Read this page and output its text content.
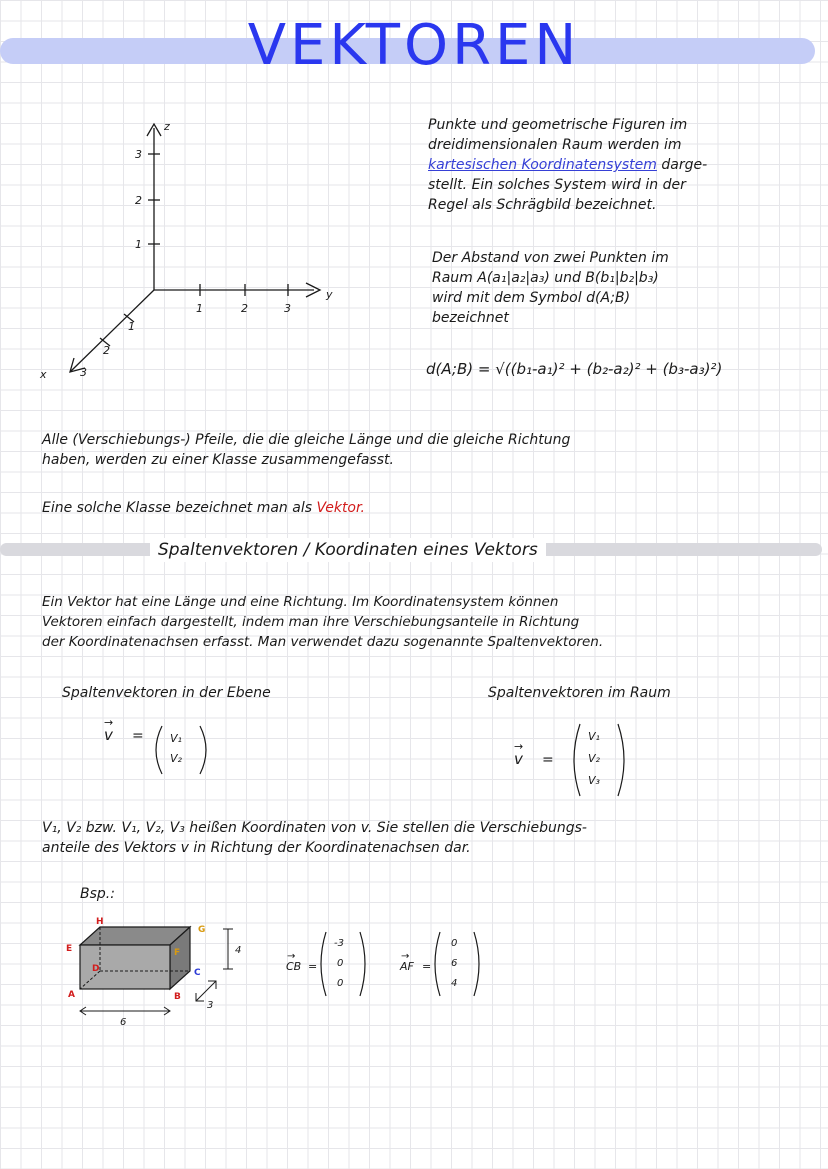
VEKTOREN
z
y
x
3
2
1
1	2	3
1
2
3
Punkte und geometrische Figuren im
dreidimensionalen Raum werden im
kartesischen Koordinatensystem darge-
stellt. Ein solches System wird in der
Regel als Schrägbild bezeichnet.
Der Abstand von zwei Punkten im
Raum A(a₁|a₂|a₃) und B(b₁|b₂|b₃)
wird mit dem Symbol d(A;B)
bezeichnet
d(A;B) = √((b₁-a₁)² + (b₂-a₂)² + (b₃-a₃)²)
Alle (Verschiebungs-) Pfeile, die die gleiche Länge und die gleiche Richtung
haben, werden zu einer Klasse zusammengefasst.
Eine solche Klasse bezeichnet man als Vektor.
Spaltenvektoren / Koordinaten eines Vektors
Ein Vektor hat eine Länge und eine Richtung. Im Koordinatensystem können
Vektoren einfach dargestellt, indem man ihre Verschiebungsanteile in Richtung
der Koordinatenachsen erfasst. Man verwendet dazu sogenannte Spaltenvektoren.
Spaltenvektoren in der Ebene
→
v = V₁
V₂
Spaltenvektoren im Raum
→
v =
V₁
V₂
V₃
V₁, V₂ bzw. V₁, V₂, V₃ heißen Koordinaten von v. Sie stellen die Verschiebungs-
anteile des Vektors v in Richtung der Koordinatenachsen dar.
Bsp.:
H
G
E	F
D	C
A	B
6
4
3
→
CB =
-3
0
0
→
AF =
0
6
4
